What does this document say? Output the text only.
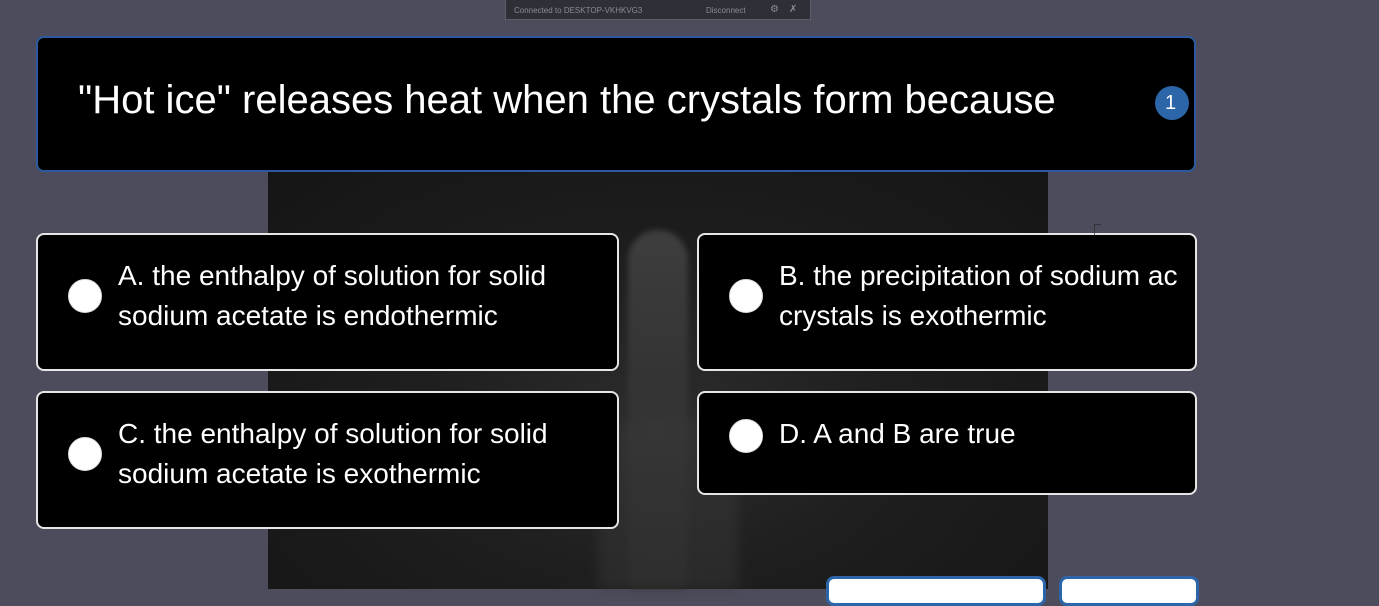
Connected to DESKTOP-VKHKVG3	Disconnect ⚙ ✗
"Hot ice" releases heat when the crystals form because	1
A. the enthalpy of solution for solid
sodium acetate is endothermic
B. the precipitation of sodium ac
crystals is exothermic
C. the enthalpy of solution for solid
sodium acetate is exothermic
D. A and B are true
